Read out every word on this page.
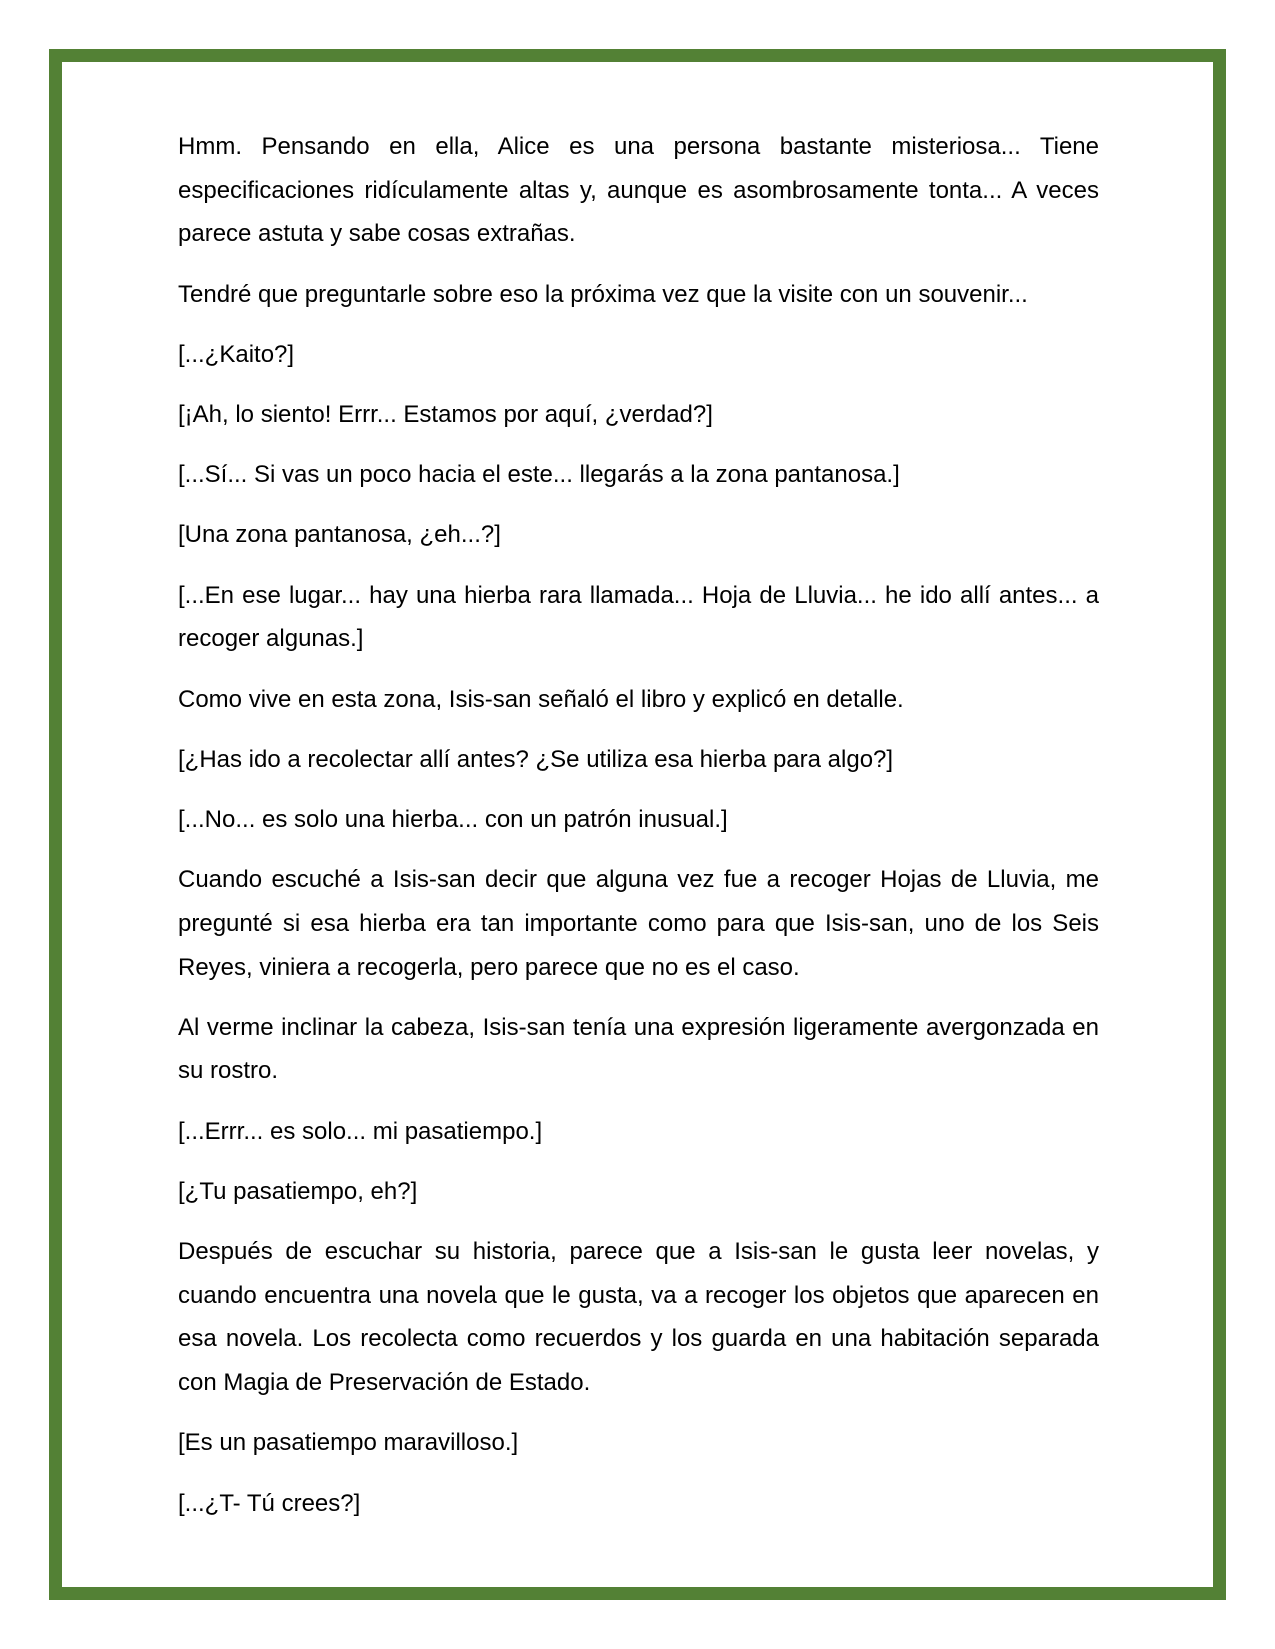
Hmm. Pensando en ella, Alice es una persona bastante misteriosa... Tiene especificaciones ridículamente altas y, aunque es asombrosamente tonta... A veces parece astuta y sabe cosas extrañas.

Tendré que preguntarle sobre eso la próxima vez que la visite con un souvenir...

[...¿Kaito?]

[¡Ah, lo siento! Errr... Estamos por aquí, ¿verdad?]

[...Sí... Si vas un poco hacia el este... llegarás a la zona pantanosa.]

[Una zona pantanosa, ¿eh...?]

[...En ese lugar... hay una hierba rara llamada... Hoja de Lluvia... he ido allí antes... a recoger algunas.]

Como vive en esta zona, Isis-san señaló el libro y explicó en detalle.

[¿Has ido a recolectar allí antes? ¿Se utiliza esa hierba para algo?]

[...No... es solo una hierba... con un patrón inusual.]

Cuando escuché a Isis-san decir que alguna vez fue a recoger Hojas de Lluvia, me pregunté si esa hierba era tan importante como para que Isis-san, uno de los Seis Reyes, viniera a recogerla, pero parece que no es el caso.

Al verme inclinar la cabeza, Isis-san tenía una expresión ligeramente avergonzada en su rostro.

[...Errr... es solo... mi pasatiempo.]

[¿Tu pasatiempo, eh?]

Después de escuchar su historia, parece que a Isis-san le gusta leer novelas, y cuando encuentra una novela que le gusta, va a recoger los objetos que aparecen en esa novela. Los recolecta como recuerdos y los guarda en una habitación separada con Magia de Preservación de Estado.

[Es un pasatiempo maravilloso.]

[...¿T- Tú crees?]
